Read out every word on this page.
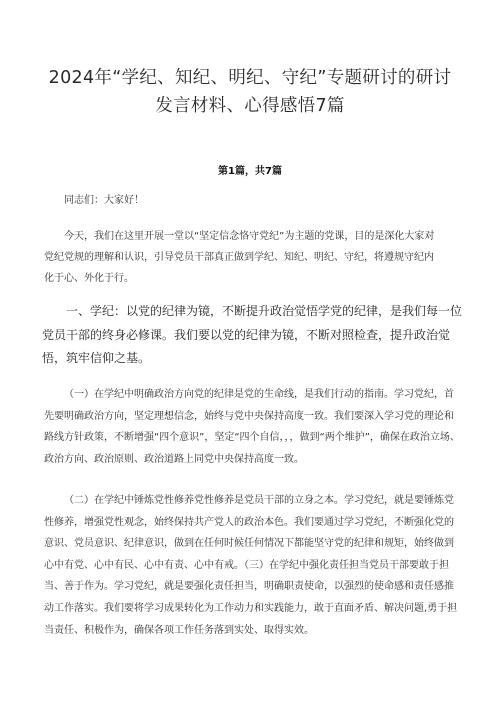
2024年“学纪、知纪、明纪、守纪”专题研讨的研讨发言材料、心得感悟7篇

第1篇，共7篇

同志们：大家好！

今天，我们在这里开展一堂以“坚定信念恪守党纪”为主题的党课，目的是深化大家对党纪党规的理解和认识，引导党员干部真正做到学纪、知纪、明纪、守纪，将遵规守纪内化于心、外化于行。

一、学纪：以党的纪律为镜，不断提升政治觉悟学党的纪律，是我们每一位党员干部的终身必修课。我们要以党的纪律为镜，不断对照检查，提升政治觉悟，筑牢信仰之基。

（一）在学纪中明确政治方向党的纪律是党的生命线，是我们行动的指南。学习党纪，首先要明确政治方向，坚定理想信念，始终与党中央保持高度一致。我们要深入学习党的理论和路线方针政策，不断增强“四个意识”，坚定“四个自信，，，做到“两个维护”，确保在政治立场、政治方向、政治原则、政治道路上同党中央保持高度一致。

（二）在学纪中锤炼党性修养党性修养是党员干部的立身之本。学习党纪，就是要锤炼党性修养，增强党性观念，始终保持共产党人的政治本色。我们要通过学习党纪，不断强化党的意识、党员意识、纪律意识，做到在任何时候任何情况下都能坚守党的纪律和规矩，始终做到心中有党、心中有民、心中有责、心中有戒。（三）在学纪中强化责任担当党员干部要敢于担当、善于作为。学习党纪，就是要强化责任担当，明确职责使命，以强烈的使命感和责任感推动工作落实。我们要将学习成果转化为工作动力和实践能力，敢于直面矛盾、解决问题,勇于担当责任、积极作为，确保各项工作任务落到实处、取得实效。
